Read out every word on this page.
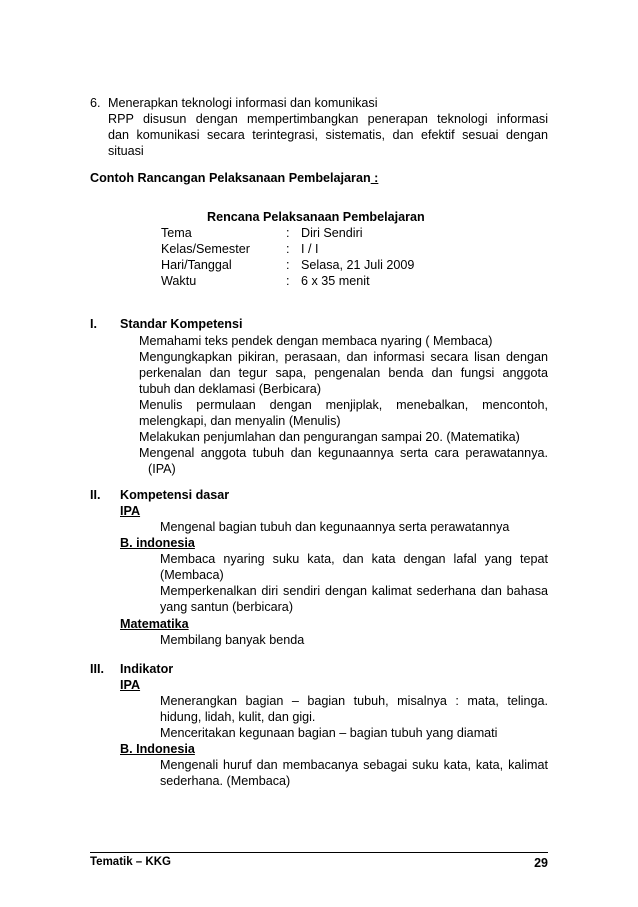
6. Menerapkan teknologi informasi dan komunikasi
RPP disusun dengan mempertimbangkan penerapan teknologi informasi
dan komunikasi secara terintegrasi, sistematis, dan efektif sesuai dengan
situasi
Contoh Rancangan Pelaksanaan Pembelajaran :
Rencana Pelaksanaan Pembelajaran
Tema	: Diri Sendiri
Kelas/Semester	: I / I
Hari/Tanggal	: Selasa, 21 Juli 2009
Waktu	: 6 x 35 menit
I. Standar Kompetensi
Memahami teks pendek dengan membaca nyaring ( Membaca)
Mengungkapkan pikiran, perasaan, dan informasi secara lisan dengan
perkenalan dan tegur sapa, pengenalan benda dan fungsi anggota
tubuh dan deklamasi (Berbicara)
Menulis permulaan dengan menjiplak, menebalkan, mencontoh,
melengkapi, dan menyalin (Menulis)
Melakukan penjumlahan dan pengurangan sampai 20. (Matematika)
Mengenal anggota tubuh dan kegunaannya serta cara perawatannya.
(IPA)
II. Kompetensi dasar
IPA
Mengenal bagian tubuh dan kegunaannya serta perawatannya
B. indonesia
Membaca nyaring suku kata, dan kata dengan lafal yang tepat
(Membaca)
Memperkenalkan diri sendiri dengan kalimat sederhana dan bahasa
yang santun (berbicara)
Matematika
Membilang banyak benda
III. Indikator
IPA
Menerangkan bagian – bagian tubuh, misalnya : mata, telinga.
hidung, lidah, kulit, dan gigi.
Menceritakan kegunaan bagian – bagian tubuh yang diamati
B. Indonesia
Mengenali huruf dan membacanya sebagai suku kata, kata, kalimat
sederhana. (Membaca)
Tematik – KKG	29
